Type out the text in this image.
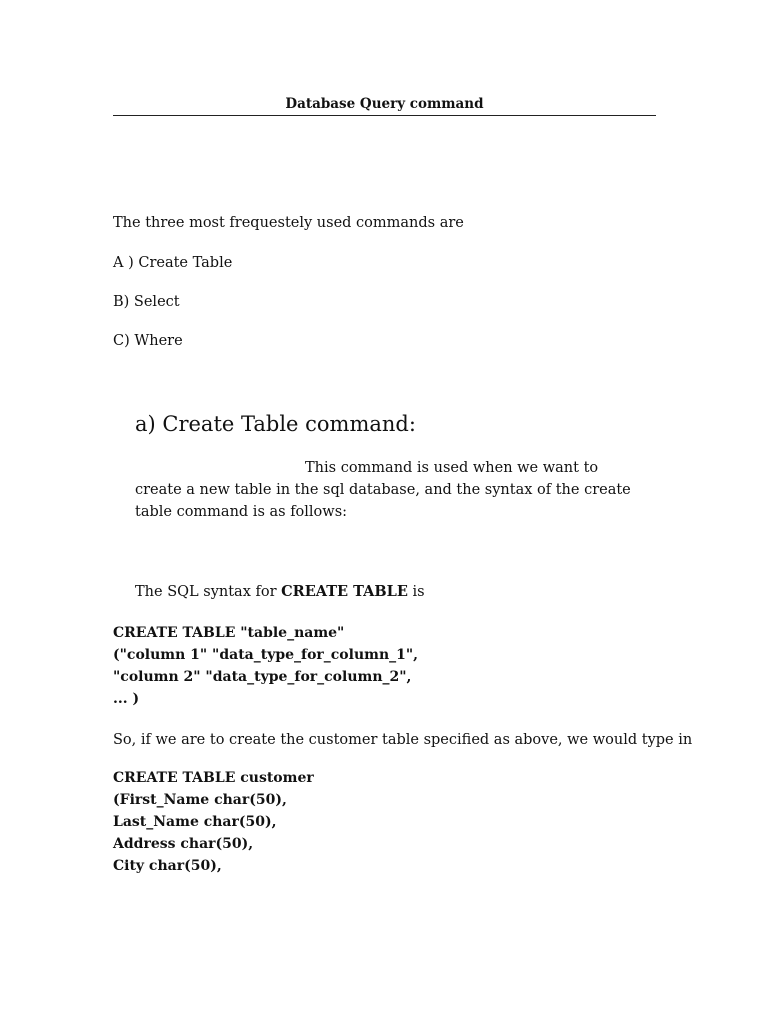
Database Query command
The three most frequestely used commands are
A ) Create Table
B) Select
C) Where
a) Create Table command:
This command is used when we want to create a new table in the sql database, and the syntax of the create table command is as follows:
The SQL syntax for CREATE TABLE is
CREATE TABLE "table_name"
("column 1" "data_type_for_column_1",
"column 2" "data_type_for_column_2",
... )
So, if we are to create the customer table specified as above, we would type in
CREATE TABLE customer
(First_Name char(50),
Last_Name char(50),
Address char(50),
City char(50),
